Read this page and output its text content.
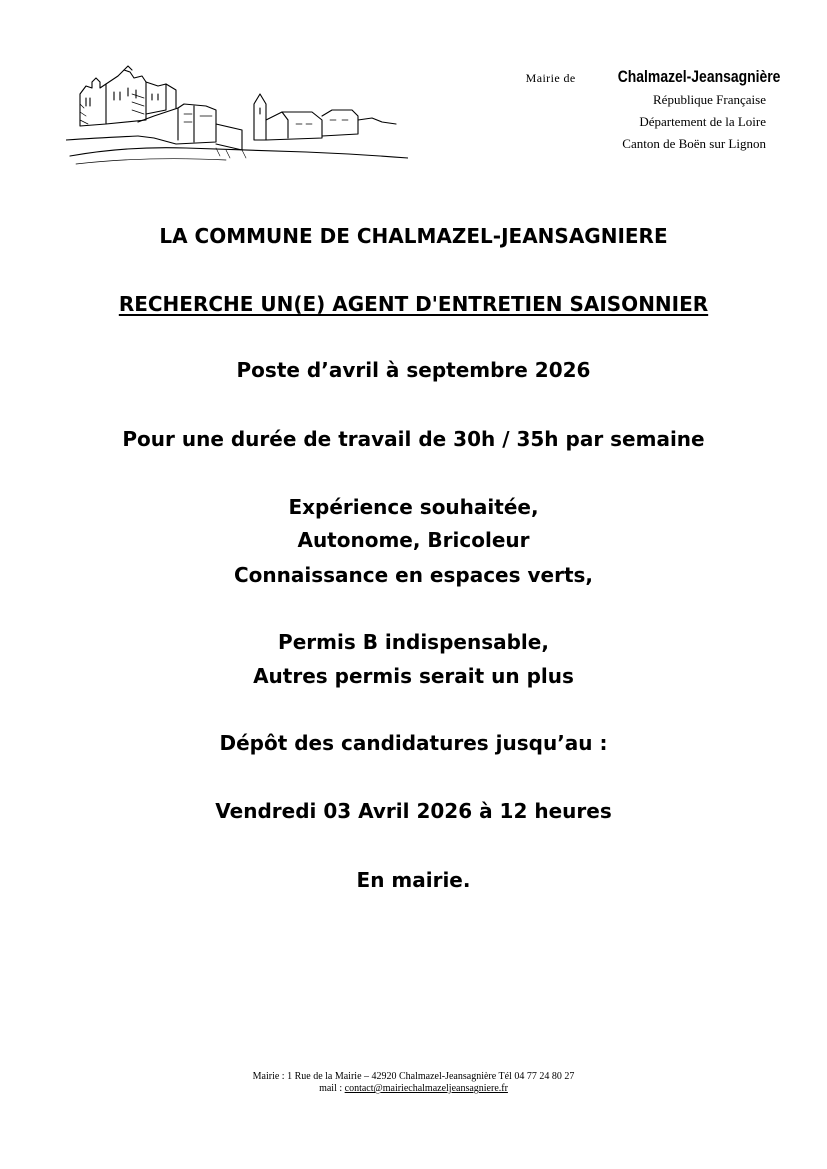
Mairie de Chalmazel-Jeansagnière
République Française
Département de la Loire
Canton de Boën sur Lignon
LA COMMUNE DE CHALMAZEL-JEANSAGNIERE
RECHERCHE UN(E) AGENT D'ENTRETIEN SAISONNIER
Poste d’avril à septembre 2026
Pour une durée de travail de 30h / 35h par semaine
Expérience souhaitée,
Autonome, Bricoleur
Connaissance en espaces verts,
Permis B indispensable,
Autres permis serait un plus
Dépôt des candidatures jusqu’au :
Vendredi 03 Avril 2026 à 12 heures
En mairie.
Mairie : 1 Rue de la Mairie – 42920 Chalmazel-Jeansagnière Tél 04 77 24 80 27
mail : contact@mairiechalmazeljeansagniere.fr
